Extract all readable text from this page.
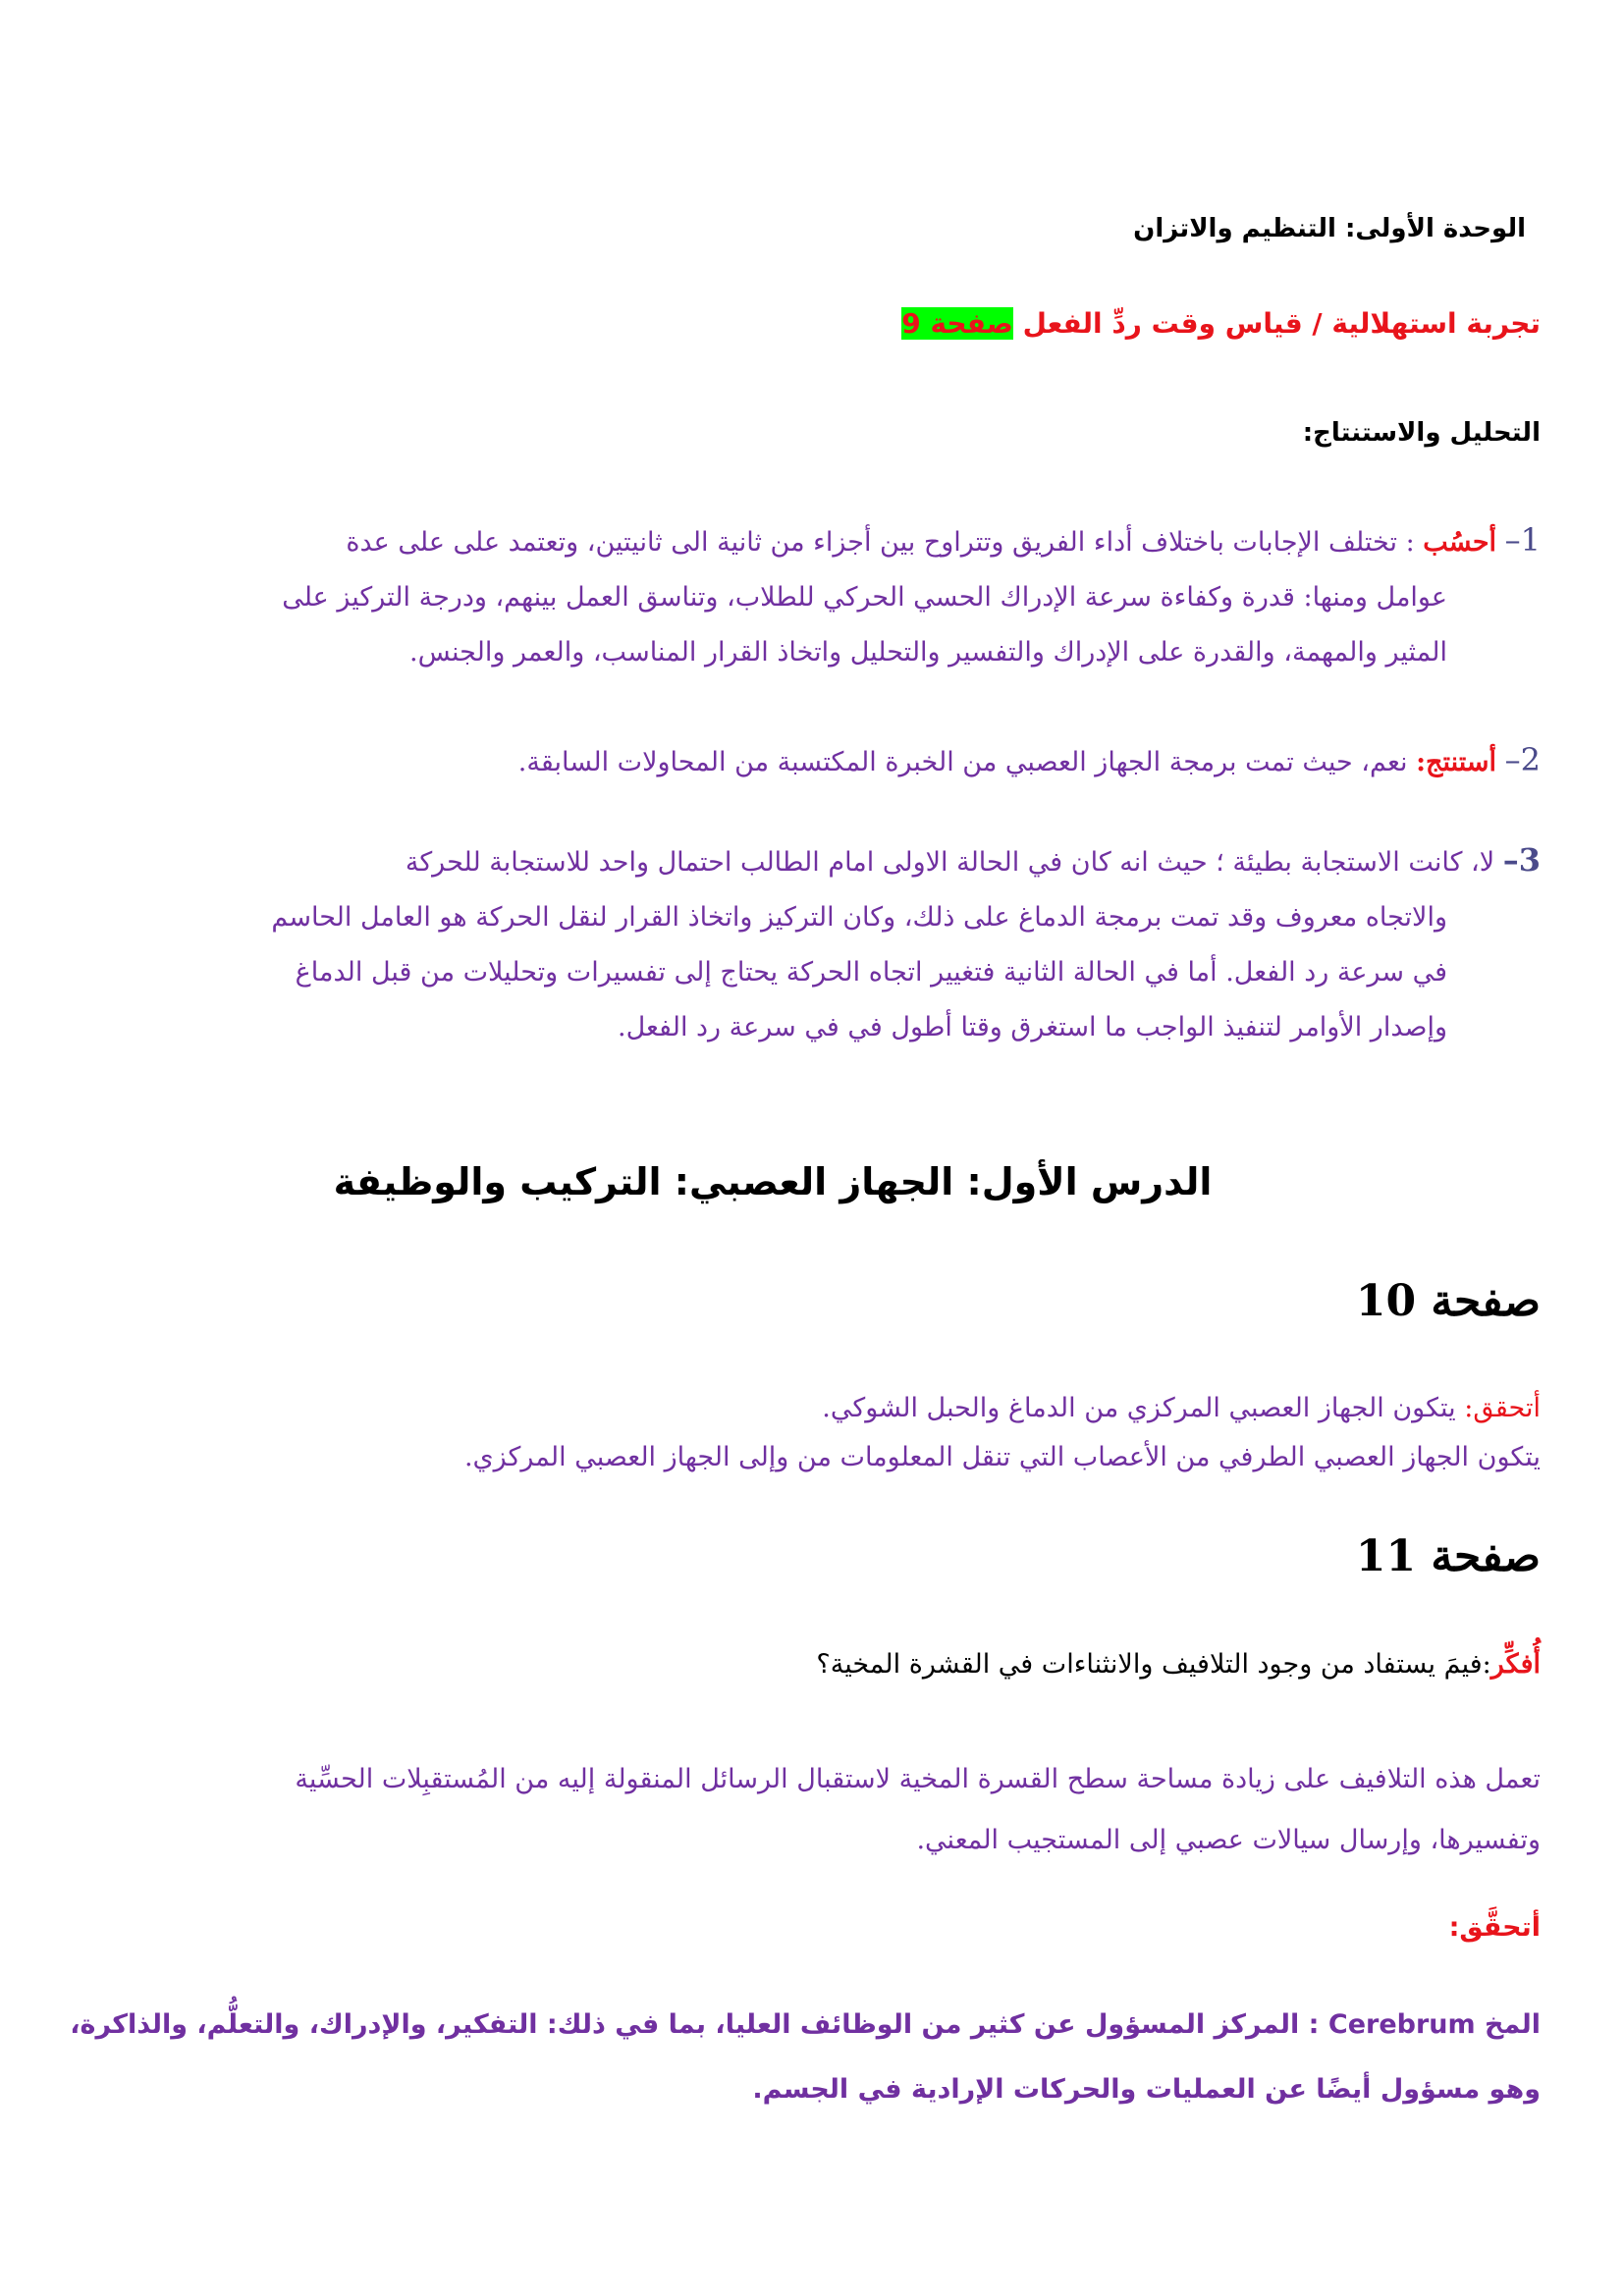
الوحدة الأولى: التنظيم والاتزان
تجربة استهلالية / قياس وقت ردِّ الفعل صفحة 9
التحليل والاستنتاج:
1– أحسُب : تختلف الإجابات باختلاف أداء الفريق وتتراوح بين أجزاء من ثانية الى ثانيتين، وتعتمد على على عدة
عوامل ومنها: قدرة وكفاءة سرعة الإدراك الحسي الحركي للطلاب، وتناسق العمل بينهم، ودرجة التركيز على
المثير والمهمة، والقدرة على الإدراك والتفسير والتحليل واتخاذ القرار المناسب، والعمر والجنس.
2– أستنتج: نعم، حيث تمت برمجة الجهاز العصبي من الخبرة المكتسبة من المحاولات السابقة.
3– لا، كانت الاستجابة بطيئة ؛ حيث انه كان في الحالة الاولى امام الطالب احتمال واحد للاستجابة للحركة
والاتجاه معروف وقد تمت برمجة الدماغ على ذلك، وكان التركيز واتخاذ القرار لنقل الحركة هو العامل الحاسم
في سرعة رد الفعل. أما في الحالة الثانية فتغيير اتجاه الحركة يحتاج إلى تفسيرات وتحليلات من قبل الدماغ
وإصدار الأوامر لتنفيذ الواجب ما استغرق وقتا أطول في في سرعة رد الفعل.
الدرس الأول: الجهاز العصبي: التركيب والوظيفة
صفحة 10
أتحقق: يتكون الجهاز العصبي المركزي من الدماغ والحبل الشوكي.
يتكون الجهاز العصبي الطرفي من الأعصاب التي تنقل المعلومات من وإلى الجهاز العصبي المركزي.
صفحة 11
أُفكِّر:فيمَ يستفاد من وجود التلافيف والانثناءات في القشرة المخية؟
تعمل هذه التلافيف على زيادة مساحة سطح القسرة المخية لاستقبال الرسائل المنقولة إليه من المُستقبِلات الحسِّية
وتفسيرها، وإرسال سيالات عصبي إلى المستجيب المعني.
أتحقَّق:
المخ Cerebrum : المركز المسؤول عن كثير من الوظائف العليا، بما في ذلك: التفكير، والإدراك، والتعلُّم، والذاكرة،
وهو مسؤول أيضًا عن العمليات والحركات الإرادية في الجسم.
